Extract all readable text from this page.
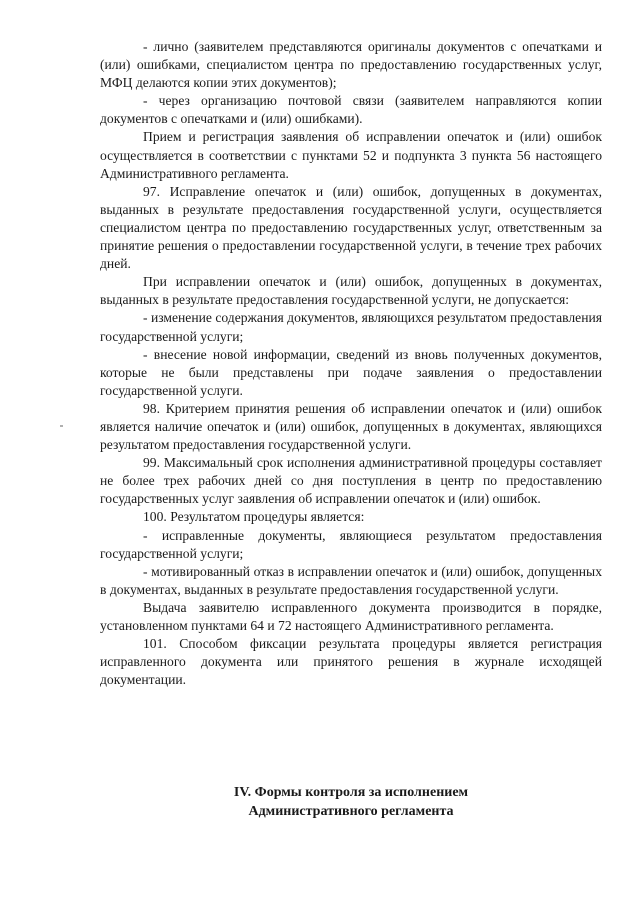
- лично (заявителем представляются оригиналы документов с опечатками и (или) ошибками, специалистом центра по предоставлению государственных услуг, МФЦ делаются копии этих документов);

- через организацию почтовой связи (заявителем направляются копии документов с опечатками и (или) ошибками).

Прием и регистрация заявления об исправлении опечаток и (или) ошибок осуществляется в соответствии с пунктами 52 и подпункта 3 пункта 56 настоящего Административного регламента.

97. Исправление опечаток и (или) ошибок, допущенных в документах, выданных в результате предоставления государственной услуги, осуществляется специалистом центра по предоставлению государственных услуг, ответственным за принятие решения о предоставлении государственной услуги, в течение трех рабочих дней.

При исправлении опечаток и (или) ошибок, допущенных в документах, выданных в результате предоставления государственной услуги, не допускается:

- изменение содержания документов, являющихся результатом предоставления государственной услуги;

- внесение новой информации, сведений из вновь полученных документов, которые не были представлены при подаче заявления о предоставлении государственной услуги.

98. Критерием принятия решения об исправлении опечаток и (или) ошибок является наличие опечаток и (или) ошибок, допущенных в документах, являющихся результатом предоставления государственной услуги.

99. Максимальный срок исполнения административной процедуры составляет не более трех рабочих дней со дня поступления в центр по предоставлению государственных услуг заявления об исправлении опечаток и (или) ошибок.

100. Результатом процедуры является:

- исправленные документы, являющиеся результатом предоставления государственной услуги;

- мотивированный отказ в исправлении опечаток и (или) ошибок, допущенных в документах, выданных в результате предоставления государственной услуги.

Выдача заявителю исправленного документа производится в порядке, установленном пунктами 64 и 72 настоящего Административного регламента.

101. Способом фиксации результата процедуры является регистрация исправленного документа или принятого решения в журнале исходящей документации.

IV. Формы контроля за исполнением
Административного регламента
